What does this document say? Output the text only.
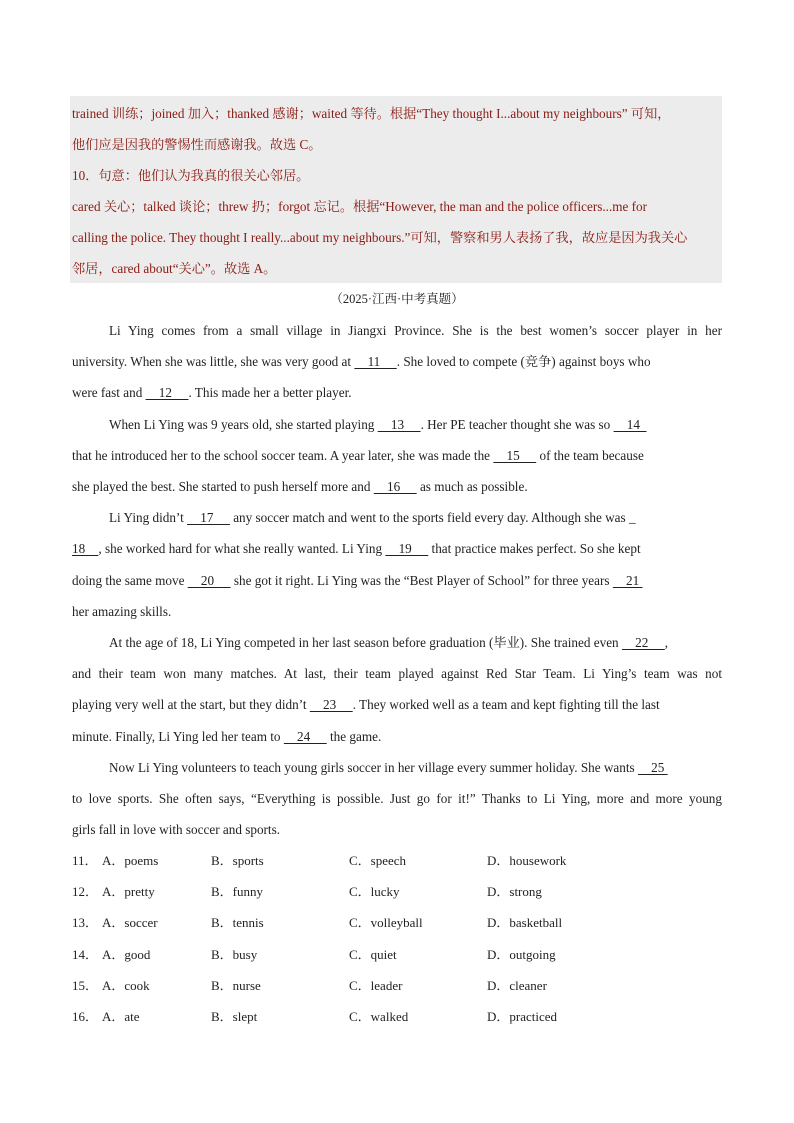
trained 训练；joined 加入；thanked 感谢；waited 等待。根据“They thought I...about my neighbours” 可知，
他们应是因我的警惕性而感谢我。故选 C。
10．句意：他们认为我真的很关心邻居。
cared 关心；talked 谈论；threw 扔；forgot 忘记。根据“However, the man and the police officers...me for
calling the police. They thought I really...about my neighbours.”可知，警察和男人表扬了我，故应是因为我关心
邻居，cared about“关心”。故选 A。
（2025·江西·中考真题）
Li Ying comes from a small village in Jiangxi Province. She is the best women’s soccer player in her
university. When she was little, she was very good at     11     . She loved to compete (竞争) against boys who
were fast and     12     . This made her a better player.
When Li Ying was 9 years old, she started playing     13     . Her PE teacher thought she was so     14
that he introduced her to the school soccer team. A year later, she was made the     15      of the team because
she played the best. She started to push herself more and     16      as much as possible.
Li Ying didn’t     17      any soccer match and went to the sports field every day. Although she was _
18    , she worked hard for what she really wanted. Li Ying     19      that practice makes perfect. So she kept
doing the same move     20      she got it right. Li Ying was the “Best Player of School” for three years     21
her amazing skills.
At the age of 18, Li Ying competed in her last season before graduation (毕业). She trained even     22     ,
and their team won many matches. At last, their team played against Red Star Team. Li Ying’s team was not
playing very well at the start, but they didn’t     23     . They worked well as a team and kept fighting till the last
minute. Finally, Li Ying led her team to     24      the game.
Now Li Ying volunteers to teach young girls soccer in her village every summer holiday. She wants     25
to love sports. She often says, “Everything is possible. Just go for it!” Thanks to Li Ying, more and more young
girls fall in love with soccer and sports.
11． A．poems	B．sports	C．speech	D．housework
12． A．pretty	B．funny	C．lucky	D．strong
13． A．soccer	B．tennis	C．volleyball	D．basketball
14． A．good	B．busy	C．quiet	D．outgoing
15． A．cook	B．nurse	C．leader	D．cleaner
16． A．ate	B．slept	C．walked	D．practiced
